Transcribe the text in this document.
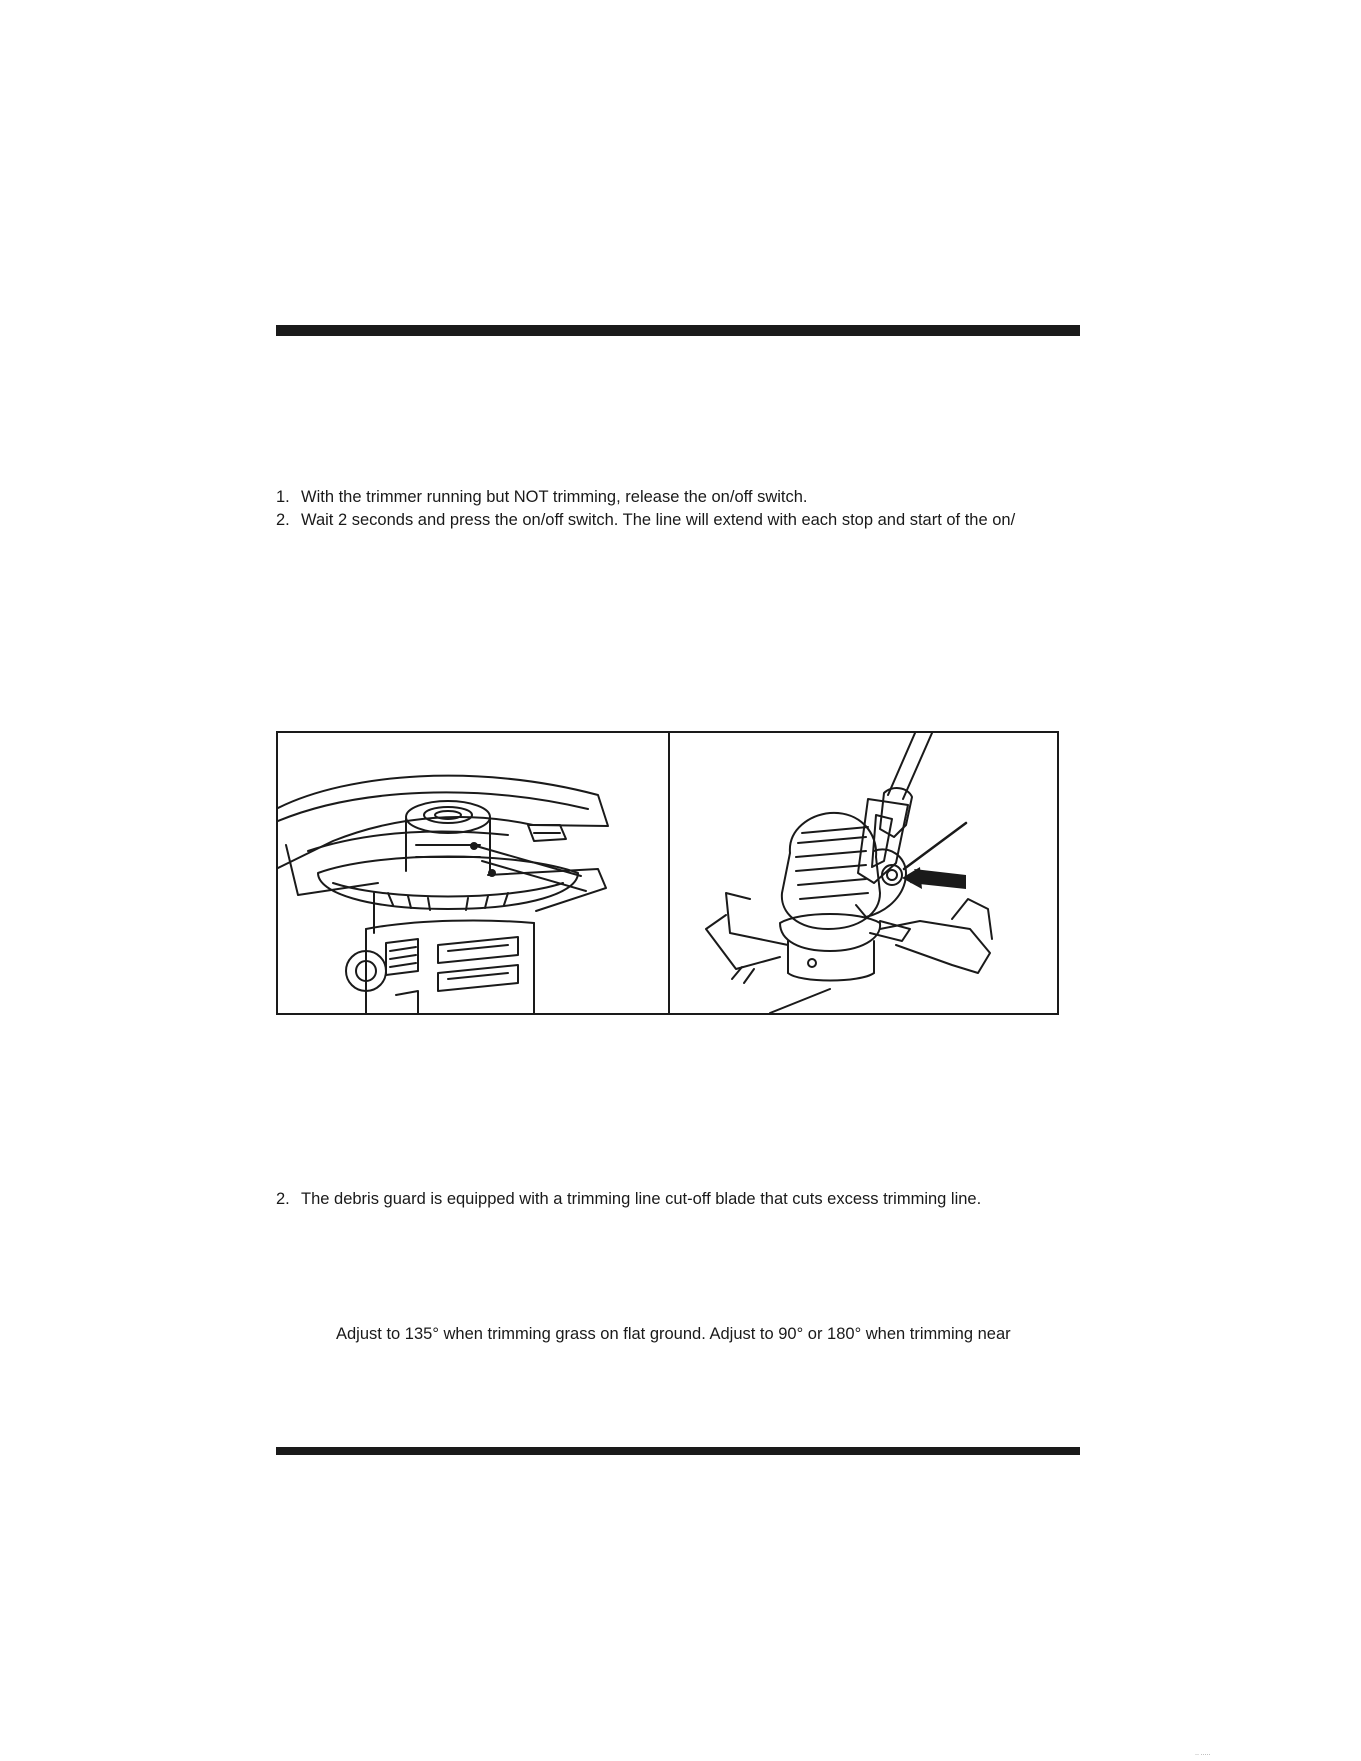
1. With the trimmer running but NOT trimming, release the on/off switch.
2. Wait 2 seconds and press the on/off switch. The line will extend with each stop and start of the on/
2. The debris guard is equipped with a trimming line cut-off blade that cuts excess trimming line.
Adjust to 135° when trimming grass on flat ground. Adjust to 90° or 180° when trimming near
·· ·····
